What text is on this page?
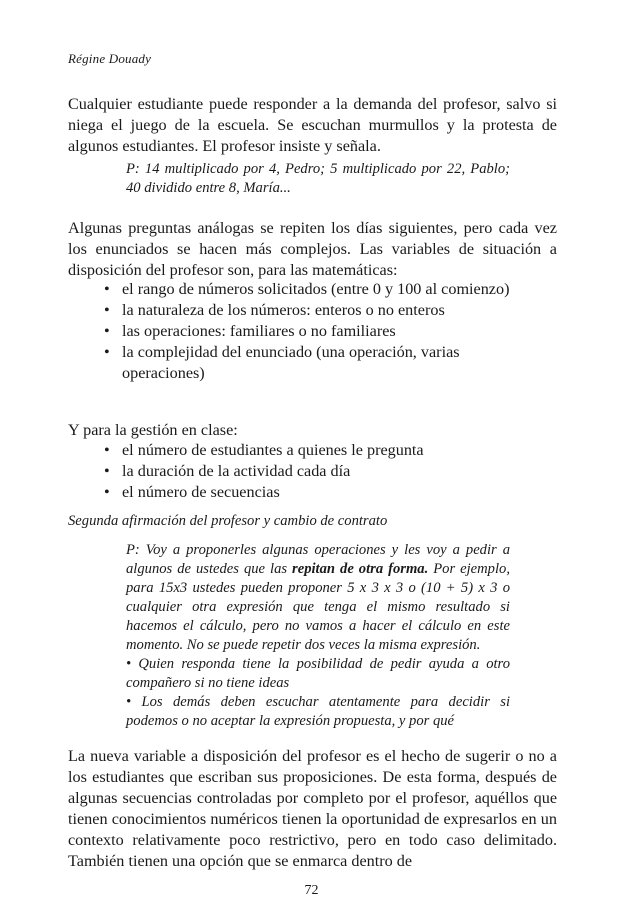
Régine Douady

Cualquier estudiante puede responder a la demanda del profesor, salvo si niega el juego de la escuela. Se escuchan murmullos y la protesta de algunos estudiantes. El profesor insiste y señala.

P: 14 multiplicado por 4, Pedro; 5 multiplicado por 22, Pablo; 40 dividido entre 8, María...

Algunas preguntas análogas se repiten los días siguientes, pero cada vez los enunciados se hacen más complejos. Las variables de situación a disposición del profesor son, para las matemáticas:

• el rango de números solicitados (entre 0 y 100 al comienzo)
• la naturaleza de los números: enteros o no enteros
• las operaciones: familiares o no familiares
• la complejidad del enunciado (una operación, varias operaciones)

Y para la gestión en clase:

• el número de estudiantes a quienes le pregunta
• la duración de la actividad cada día
• el número de secuencias
Segunda afirmación del profesor y cambio de contrato
P: Voy a proponerles algunas operaciones y les voy a pedir a algunos de ustedes que las repitan de otra forma. Por ejemplo, para 15x3 ustedes pueden proponer 5 x 3 x 3 o (10 + 5) x 3 o cualquier otra expresión que tenga el mismo resultado si hacemos el cálculo, pero no vamos a hacer el cálculo en este momento. No se puede repetir dos veces la misma expresión.
• Quien responda tiene la posibilidad de pedir ayuda a otro compañero si no tiene ideas
• Los demás deben escuchar atentamente para decidir si podemos o no aceptar la expresión propuesta, y por qué

La nueva variable a disposición del profesor es el hecho de sugerir o no a los estudiantes que escriban sus proposiciones. De esta forma, después de algunas secuencias controladas por completo por el profesor, aquéllos que tienen conocimientos numéricos tienen la oportunidad de expresarlos en un contexto relativamente poco restrictivo, pero en todo caso delimitado. También tienen una opción que se enmarca dentro de

72
